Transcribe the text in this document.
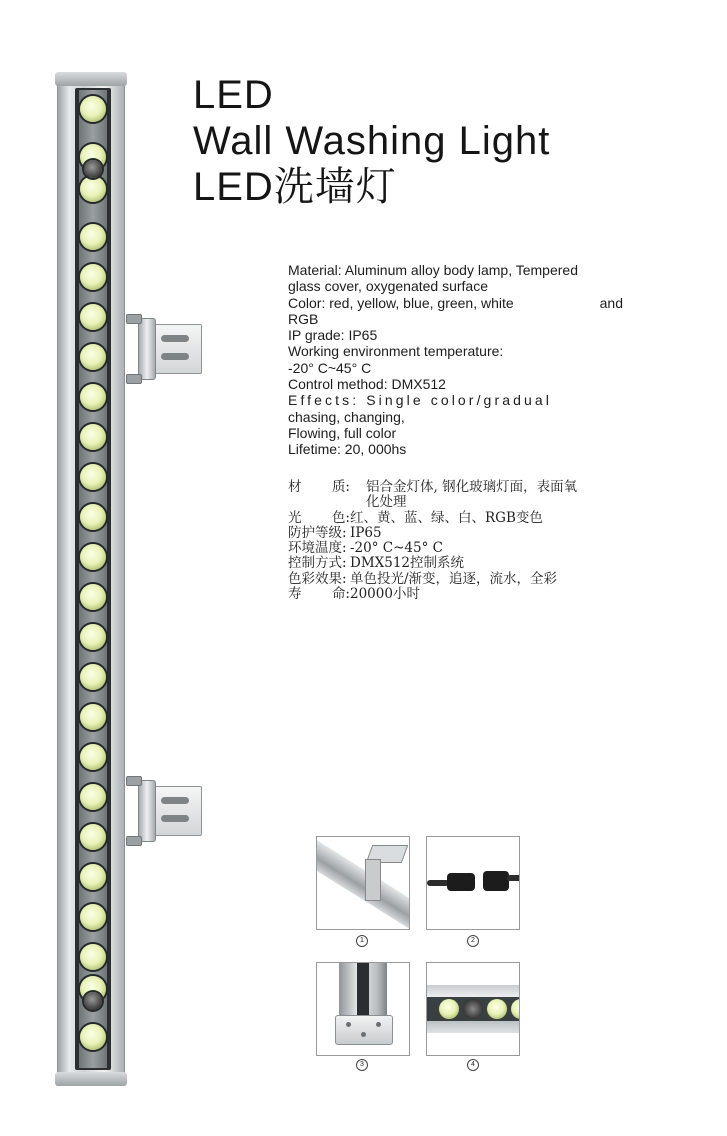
LED
Wall Washing Light
LED洗墙灯
Material: Aluminum alloy body lamp, Tempered
glass cover, oxygenated surface
Color: red, yellow, blue, green, white	and
RGB
IP grade: IP65
Working environment temperature:
-20° C~45° C
Control method: DMX512
Effects: Single color/gradual
chasing, changing,
Flowing, full color
Lifetime: 20, 000hs
材 质:	铝合金灯体, 钢化玻璃灯面，表面氧
化处理
光 色: 红、黄、蓝、绿、白、RGB变色
防护等级: IP65
环境温度: -20° C~45° C
控制方式: DMX512控制系统
色彩效果: 单色投光/渐变，追逐，流水，全彩
寿 命: 20000小时
1	2
3	4
